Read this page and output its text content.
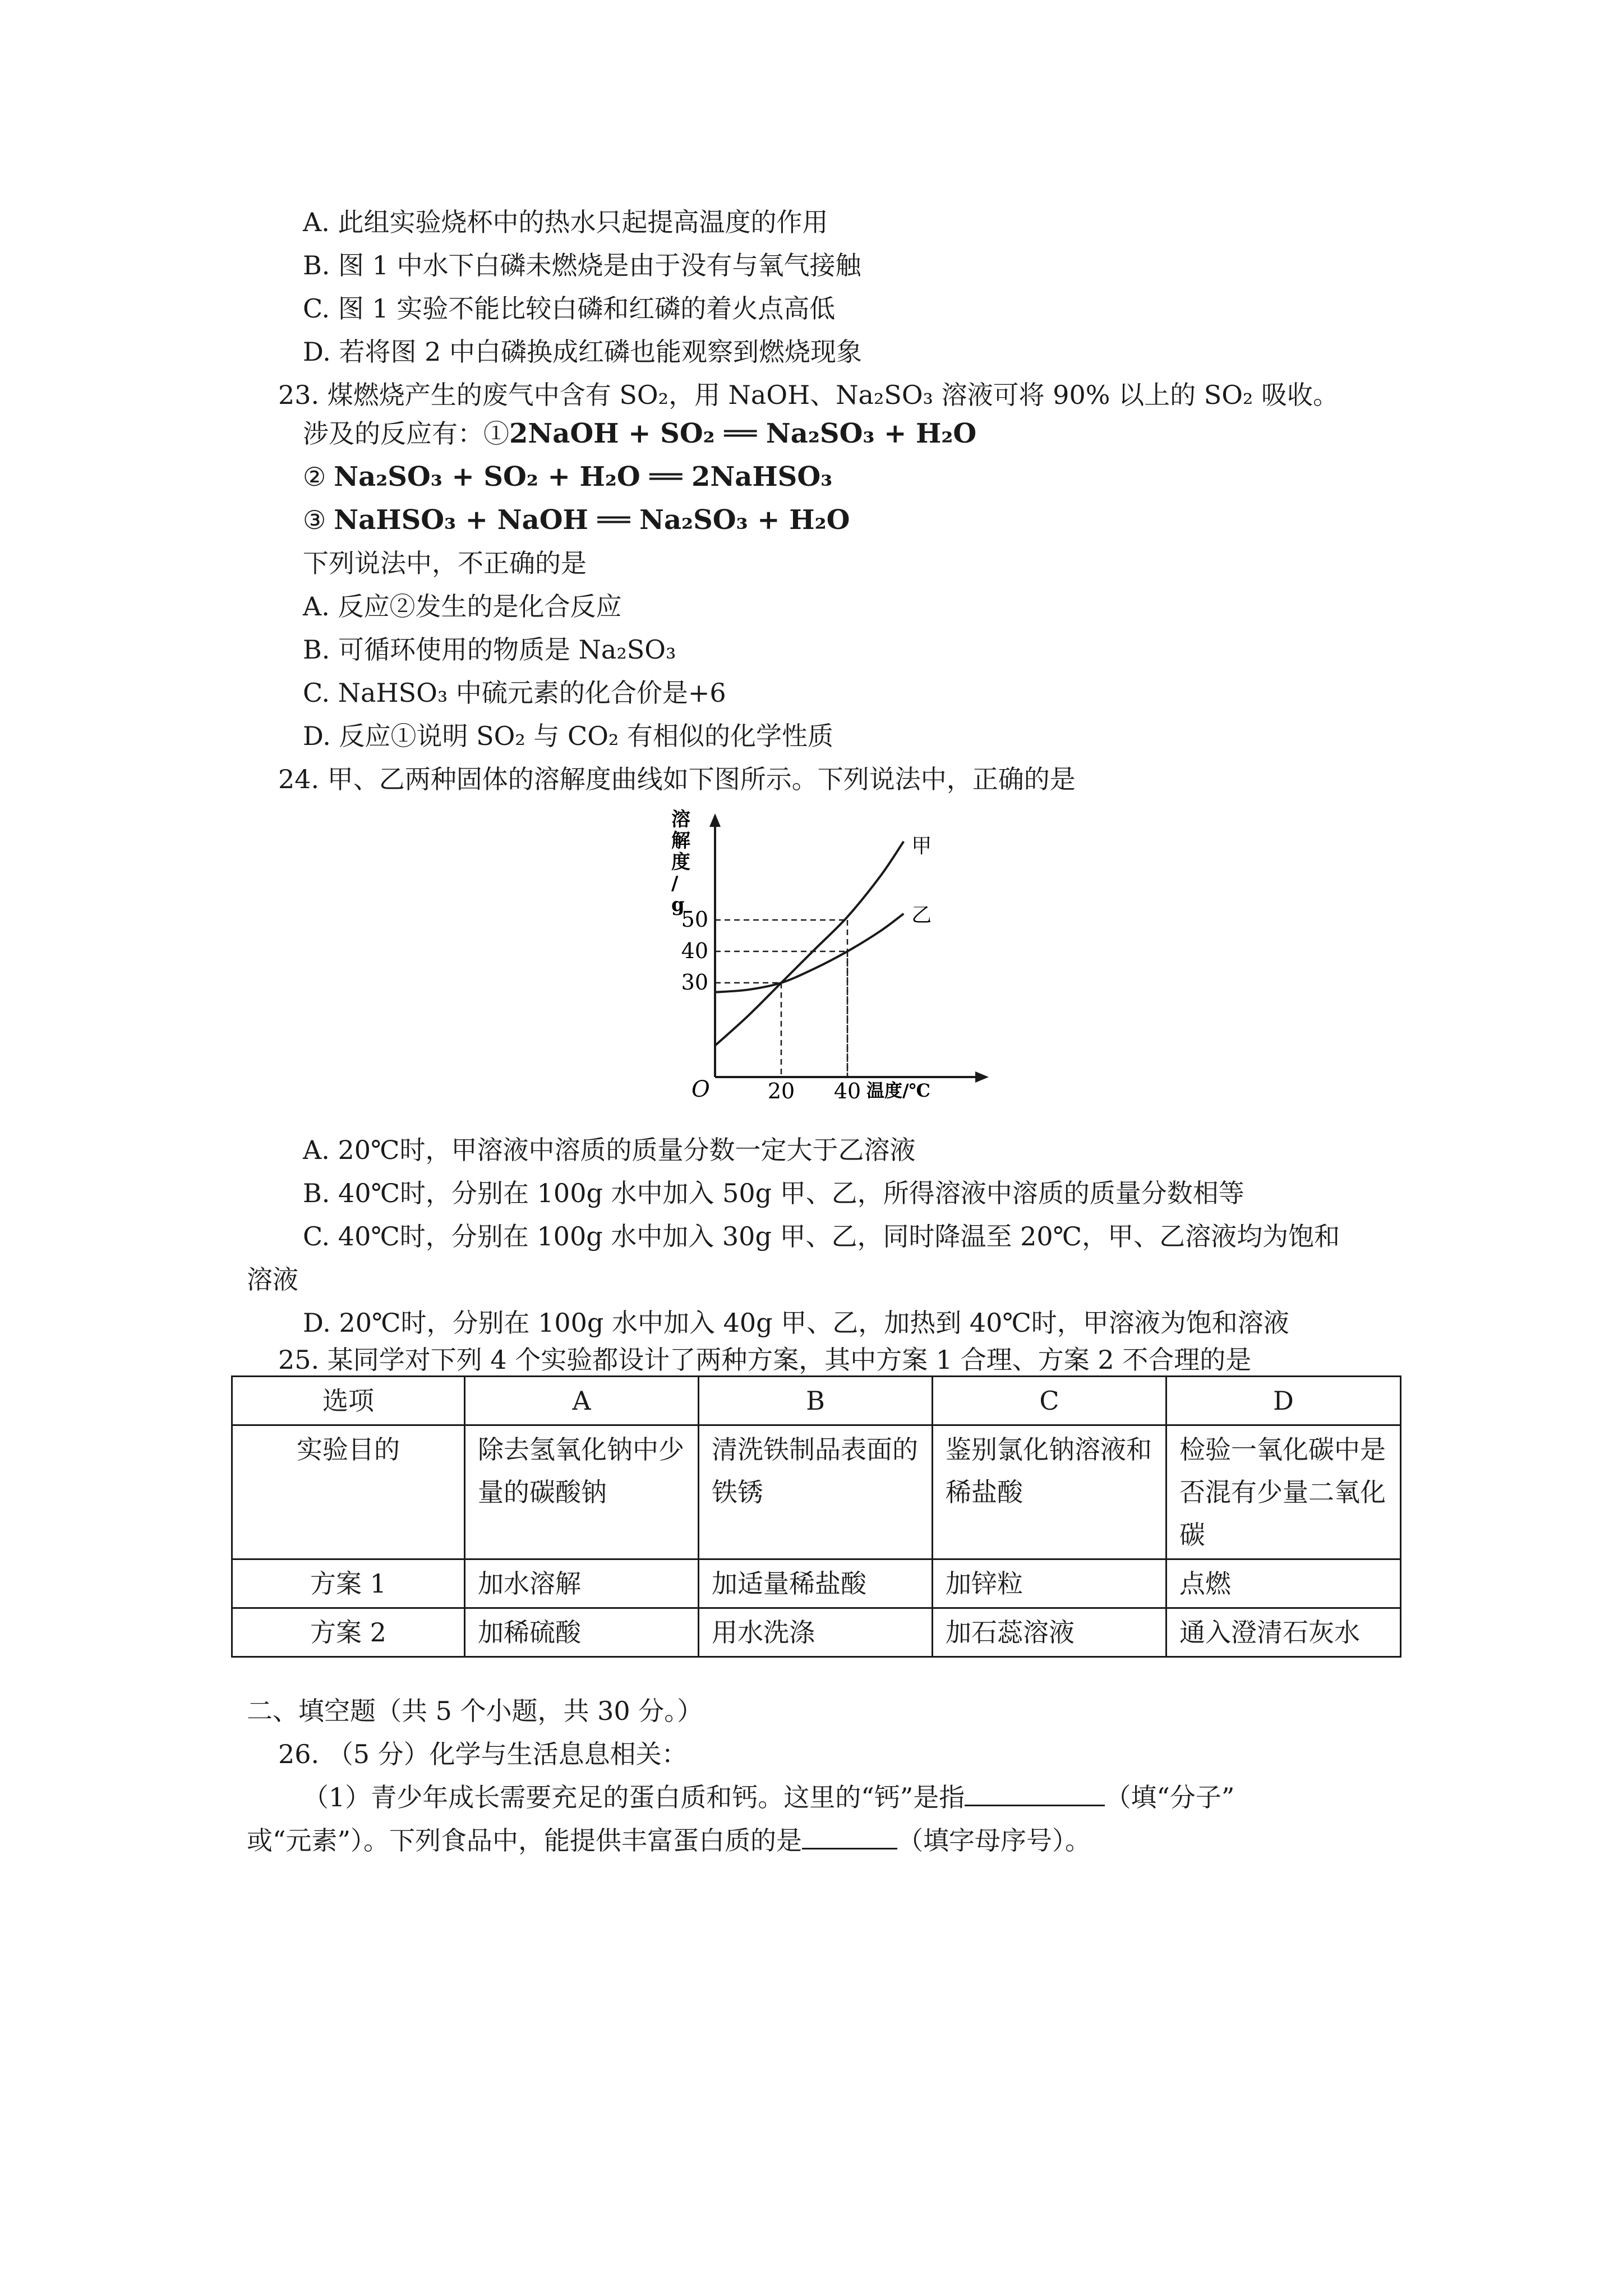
A. 此组实验烧杯中的热水只起提高温度的作用
B. 图 1 中水下白磷未燃烧是由于没有与氧气接触
C. 图 1 实验不能比较白磷和红磷的着火点高低
D. 若将图 2 中白磷换成红磷也能观察到燃烧现象
23. 煤燃烧产生的废气中含有 SO₂，用 NaOH、Na₂SO₃ 溶液可将 90% 以上的 SO₂ 吸收。
涉及的反应有：①2NaOH + SO₂ ══ Na₂SO₃ + H₂O
② Na₂SO₃ + SO₂ + H₂O ══ 2NaHSO₃
③ NaHSO₃ + NaOH ══ Na₂SO₃ + H₂O
下列说法中，不正确的是
A. 反应②发生的是化合反应
B. 可循环使用的物质是 Na₂SO₃
C. NaHSO₃ 中硫元素的化合价是+6
D. 反应①说明 SO₂ 与 CO₂ 有相似的化学性质
24. 甲、乙两种固体的溶解度曲线如下图所示。下列说法中，正确的是
溶解度/ g
O	温度/℃
30
40
50
20 40
甲
乙
A. 20℃时，甲溶液中溶质的质量分数一定大于乙溶液
B. 40℃时，分别在 100g 水中加入 50g 甲、乙，所得溶液中溶质的质量分数相等
C. 40℃时，分别在 100g 水中加入 30g 甲、乙，同时降温至 20℃，甲、乙溶液均为饱和
溶液
D. 20℃时，分别在 100g 水中加入 40g 甲、乙，加热到 40℃时，甲溶液为饱和溶液
25. 某同学对下列 4 个实验都设计了两种方案，其中方案 1 合理、方案 2 不合理的是
选项	A	B	C	D
实验目的	除去氢氧化钠中少量的碳酸钠	清洗铁制品表面的铁锈	鉴别氯化钠溶液和稀盐酸	检验一氧化碳中是否混有少量二氧化碳
方案 1	加水溶解	加适量稀盐酸	加锌粒	点燃
方案 2	加稀硫酸	用水洗涤	加石蕊溶液	通入澄清石灰水
二、填空题（共 5 个小题，共 30 分。）
26. （5 分）化学与生活息息相关：
（1）青少年成长需要充足的蛋白质和钙。这里的“钙”是指	（填“分子”
或“元素”）。下列食品中，能提供丰富蛋白质的是	（填字母序号）。
